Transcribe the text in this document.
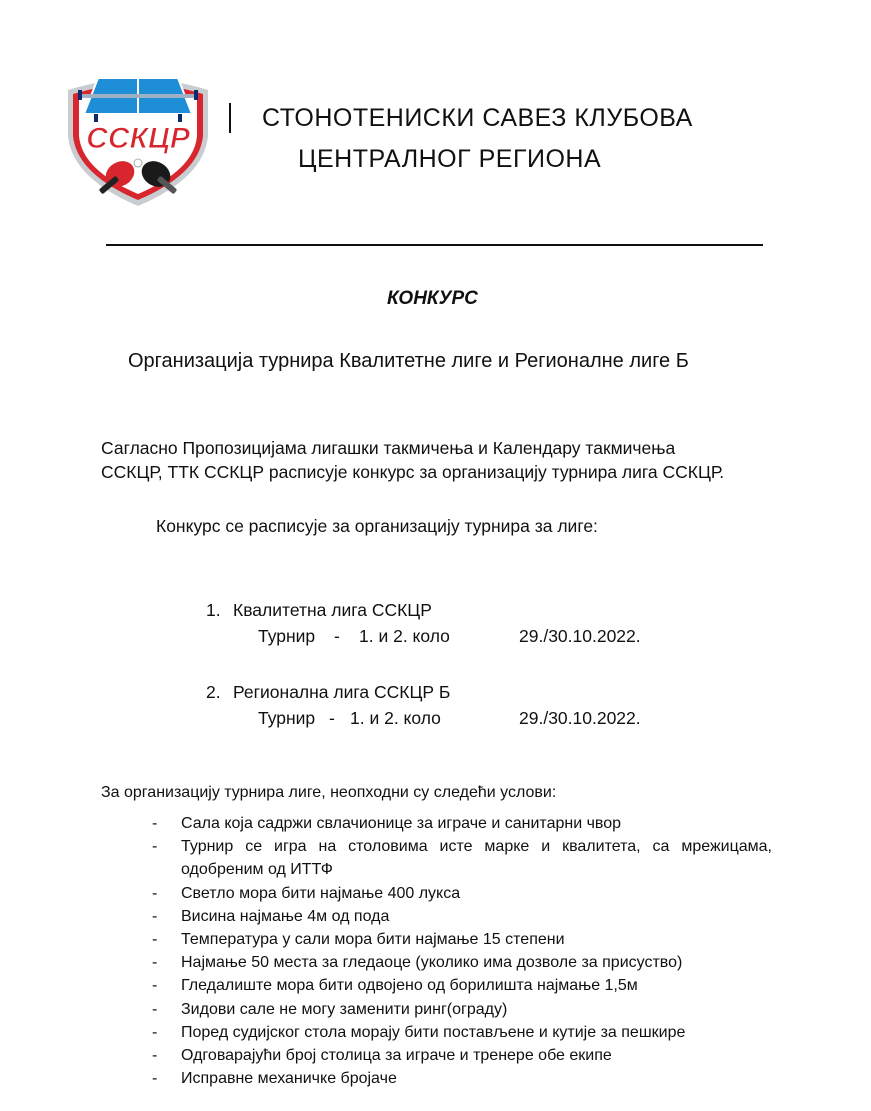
ССКЦР
СТОНОТЕНИСКИ САВЕЗ КЛУБОВА
ЦЕНТРАЛНОГ РЕГИОНА
КОНКУРС
Организација турнира Квалитетне лиге и Регионалне лиге Б
Сагласно Пропозицијама лигашки такмичења и Календару такмичења
ССКЦР, ТТК ССКЦР расписује конкурс за организацију турнира лига ССКЦР.
Конкурс се расписује за организацију турнира за лиге:
1. Квалитетна лига ССКЦР
Турнир - 1. и 2. коло	29./30.10.2022.
2. Регионална лига ССКЦР Б
Турнир - 1. и 2. коло	29./30.10.2022.
За организацију турнира лиге, неопходни су следећи услови:
- Сала која садржи свлачионице за играче и санитарни чвор
- Турнир се игра на столовима исте марке и квалитета, са мрежицама, одобреним од ИТТФ
- Светло мора бити најмање 400 лукса
- Висина најмање 4м од пода
- Температура у сали мора бити најмање 15 степени
- Најмање 50 места за гледаоце (уколико има дозволе за присуство)
- Гледалиште мора бити одвојено од борилишта најмање 1,5м
- Зидови сале не могу заменити ринг(ограду)
- Поред судијског стола морају бити постављене и кутије за пешкире
- Одговарајући број столица за играче и тренере обе екипе
- Исправне механичке бројаче
